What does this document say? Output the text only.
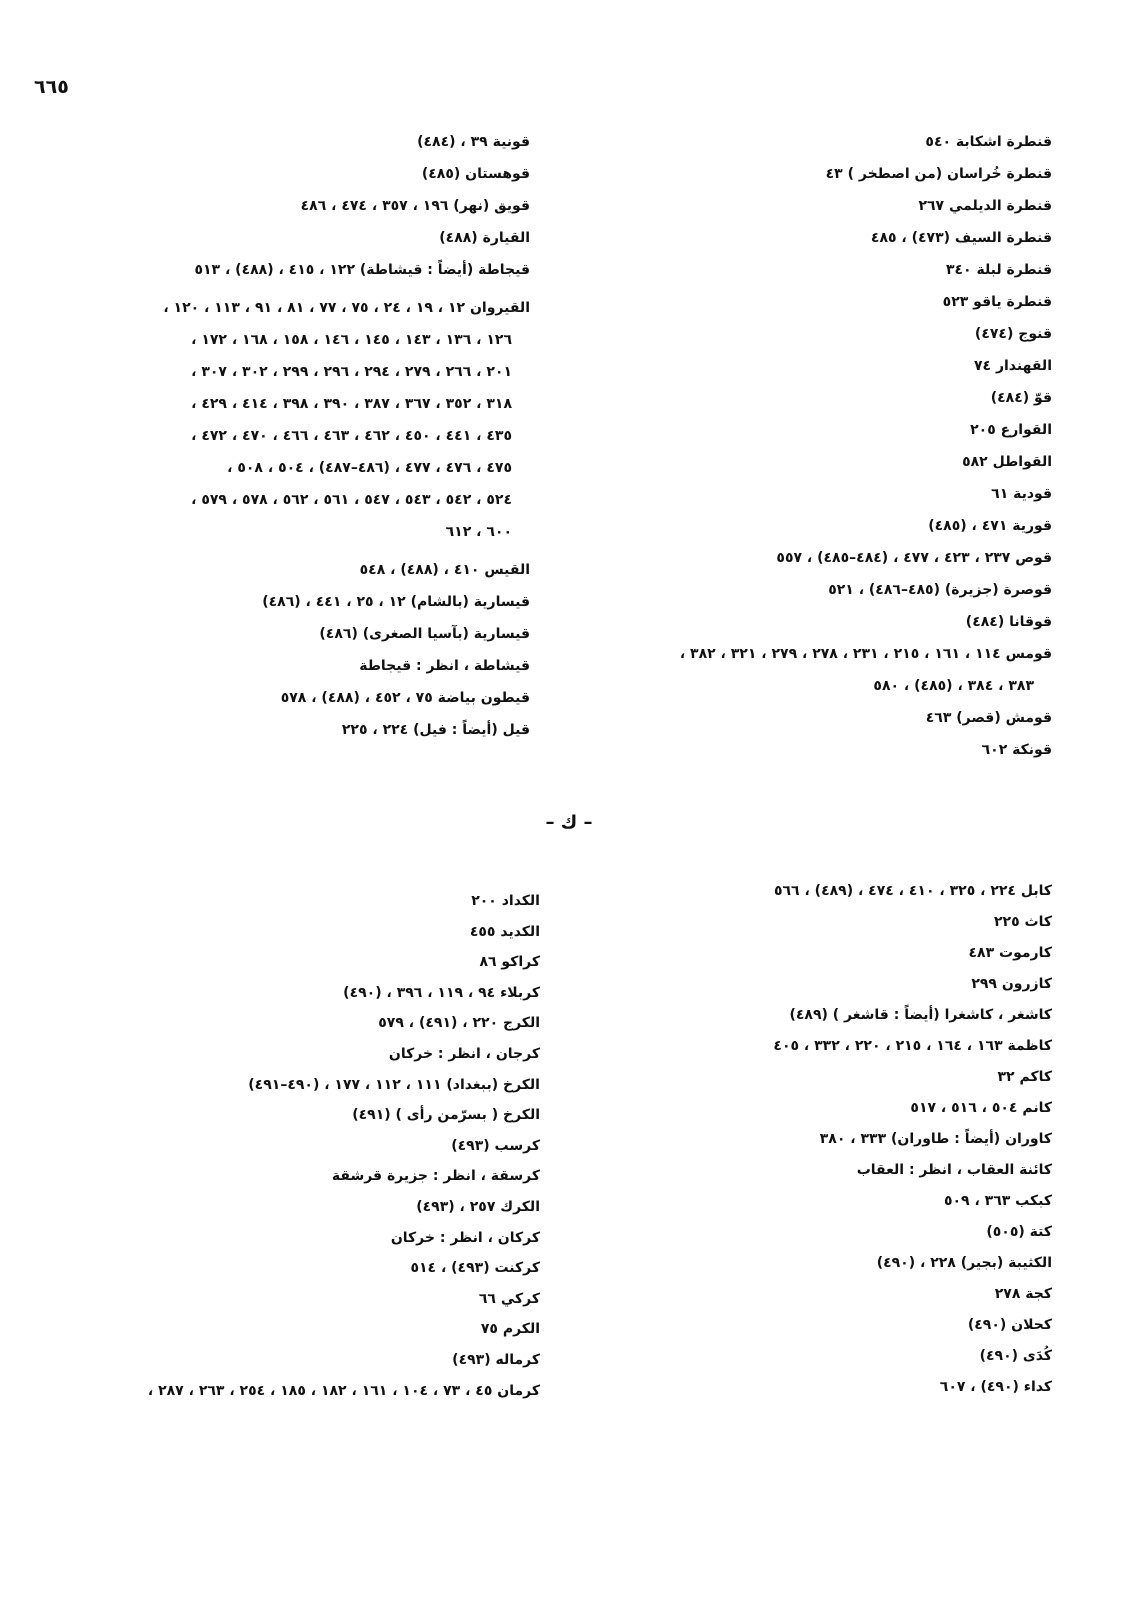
٦٦٥
قنطرة اشكابة ٥٤٠
قنطرة خُراسان (من اصطخر ) ٤٣
قنطرة الديلمي ٢٦٧
قنطرة السيف (٤٧٣) ، ٤٨٥
قنطرة لبلة ٣٤٠
قنطرة ياقو ٥٢٣
قنوج (٤٧٤)
القهندار ٧٤
قوّ (٤٨٤)
القوارع ٢٠٥
القواطل ٥٨٢
قودية ٦١
قورية ٤٧١ ، (٤٨٥)
قوص ٢٣٧ ، ٤٢٣ ، ٤٧٧ ، (٤٨٤–٤٨٥) ، ٥٥٧
قوصرة (جزيرة) (٤٨٥–٤٨٦) ، ٥٢١
قوقانا (٤٨٤)
قومس ١١٤ ، ١٦١ ، ٢١٥ ، ٢٣١ ، ٢٧٨ ، ٢٧٩ ، ٣٢١ ، ٣٨٢ ،
٣٨٣ ، ٣٨٤ ، (٤٨٥) ، ٥٨٠
قومش (قصر) ٤٦٣
قونكة ٦٠٢
قونية ٣٩ ، (٤٨٤)
قوهستان (٤٨٥)
قويق (نهر) ١٩٦ ، ٣٥٧ ، ٤٧٤ ، ٤٨٦
القيارة (٤٨٨)
قيجاطة (أيضاً : قيشاطة) ١٢٢ ، ٤١٥ ، (٤٨٨) ، ٥١٣
القيروان ١٢ ، ١٩ ، ٢٤ ، ٧٥ ، ٧٧ ، ٨١ ، ٩١ ، ١١٣ ، ١٢٠ ،
١٢٦ ، ١٣٦ ، ١٤٣ ، ١٤٥ ، ١٤٦ ، ١٥٨ ، ١٦٨ ، ١٧٢ ،
٢٠١ ، ٢٦٦ ، ٢٧٩ ، ٢٩٤ ، ٢٩٦ ، ٢٩٩ ، ٣٠٢ ، ٣٠٧ ،
٣١٨ ، ٣٥٢ ، ٣٦٧ ، ٣٨٧ ، ٣٩٠ ، ٣٩٨ ، ٤١٤ ، ٤٢٩ ،
٤٣٥ ، ٤٤١ ، ٤٥٠ ، ٤٦٢ ، ٤٦٣ ، ٤٦٦ ، ٤٧٠ ، ٤٧٢ ،
٤٧٥ ، ٤٧٦ ، ٤٧٧ ، (٤٨٦–٤٨٧) ، ٥٠٤ ، ٥٠٨ ،
٥٢٤ ، ٥٤٢ ، ٥٤٣ ، ٥٤٧ ، ٥٦١ ، ٥٦٢ ، ٥٧٨ ، ٥٧٩ ،
٦٠٠ ، ٦١٢
القيس ٤١٠ ، (٤٨٨) ، ٥٤٨
قيسارية (بالشام) ١٢ ، ٢٥ ، ٤٤١ ، (٤٨٦)
قيسارية (بآسيا الصغرى) (٤٨٦)
قيشاطة ، انظر : قيجاطة
قيطون بياضة ٧٥ ، ٤٥٢ ، (٤٨٨) ، ٥٧٨
قيل (أيضاً : فيل) ٢٢٤ ، ٢٢٥
– ك –
كابل ٢٢٤ ، ٣٢٥ ، ٤١٠ ، ٤٧٤ ، (٤٨٩) ، ٥٦٦
كاث ٢٢٥
كارموت ٤٨٣
كازرون ٢٩٩
كاشغر ، كاشغرا (أيضاً : قاشغر ) (٤٨٩)
كاظمة ١٦٣ ، ١٦٤ ، ٢١٥ ، ٢٢٠ ، ٣٣٢ ، ٤٠٥
كاكم ٣٢
كانم ٥٠٤ ، ٥١٦ ، ٥١٧
كاوران (أيضاً : طاوران) ٣٣٣ ، ٣٨٠
كائنة العقاب ، انظر : العقاب
كبكب ٣٦٣ ، ٥٠٩
كتة (٥٠٥)
الكثيبة (بجير) ٢٢٨ ، (٤٩٠)
كجة ٢٧٨
كحلان (٤٩٠)
كُدَى (٤٩٠)
كداء (٤٩٠) ، ٦٠٧
الكداد ٢٠٠
الكديد ٤٥٥
كراكو ٨٦
كربلاء ٩٤ ، ١١٩ ، ٣٩٦ ، (٤٩٠)
الكرج ٢٢٠ ، (٤٩١) ، ٥٧٩
كرجان ، انظر : خركان
الكرخ (ببغداد) ١١١ ، ١١٢ ، ١٧٧ ، (٤٩٠–٤٩١)
الكرخ ( بسرّمن رأى ) (٤٩١)
كرسب (٤٩٣)
كرسقة ، انظر : جزيرة قرشقة
الكرك ٢٥٧ ، (٤٩٣)
كركان ، انظر : خركان
كركنت (٤٩٣) ، ٥١٤
كركي ٦٦
الكرم ٧٥
كرماله (٤٩٣)
كرمان ٤٥ ، ٧٣ ، ١٠٤ ، ١٦١ ، ١٨٢ ، ١٨٥ ، ٢٥٤ ، ٢٦٣ ، ٢٨٧ ،
